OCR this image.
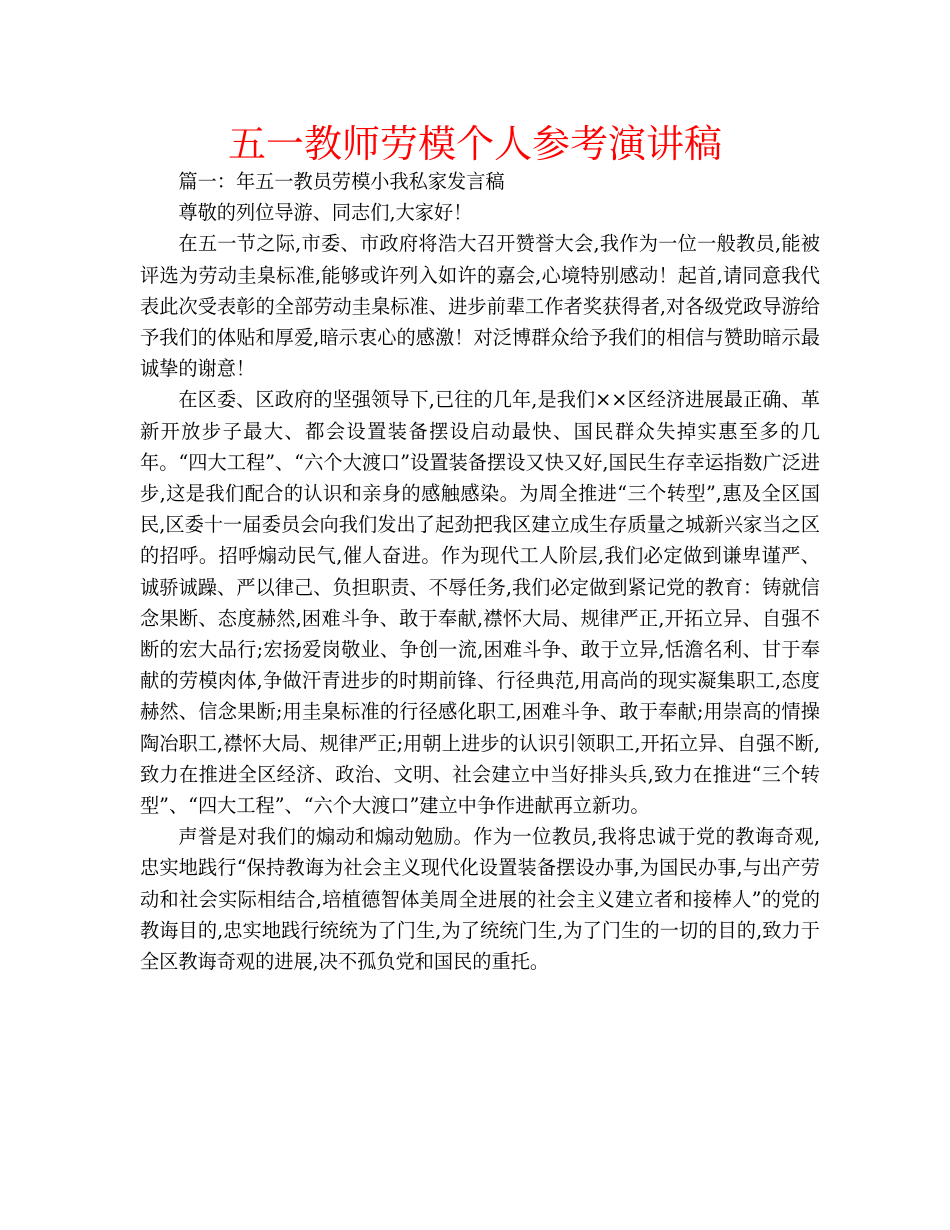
五一教师劳模个人参考演讲稿

篇一：年五一教员劳模小我私家发言稿

尊敬的列位导游、同志们,大家好！

在五一节之际,市委、市政府将浩大召开赞誉大会,我作为一位一般教员,能被评选为劳动圭臬标准,能够或许列入如许的嘉会,心境特别感动！起首,请同意我代表此次受表彰的全部劳动圭臬标准、进步前辈工作者奖获得者,对各级党政导游给予我们的体贴和厚爱,暗示衷心的感激！对泛博群众给予我们的相信与赞助暗示最诚挚的谢意！

在区委、区政府的坚强领导下,已往的几年,是我们××区经济进展最正确、革新开放步子最大、都会设置装备摆设启动最快、国民群众失掉实惠至多的几年。“四大工程”、“六个大渡口”设置装备摆设又快又好,国民生存幸运指数广泛进步,这是我们配合的认识和亲身的感触感染。为周全推进“三个转型”,惠及全区国民,区委十一届委员会向我们发出了起劲把我区建立成生存质量之城新兴家当之区的招呼。招呼煽动民气,催人奋进。作为现代工人阶层,我们必定做到谦卑谨严、诚骄诚躁、严以律己、负担职责、不辱任务,我们必定做到紧记党的教育：铸就信念果断、态度赫然,困难斗争、敢于奉献,襟怀大局、规律严正,开拓立异、自强不断的宏大品行;宏扬爱岗敬业、争创一流,困难斗争、敢于立异,恬澹名利、甘于奉献的劳模肉体,争做汗青进步的时期前锋、行径典范,用高尚的现实凝集职工,态度赫然、信念果断;用圭臬标准的行径感化职工,困难斗争、敢于奉献;用崇高的情操陶冶职工,襟怀大局、规律严正;用朝上进步的认识引领职工,开拓立异、自强不断,致力在推进全区经济、政治、文明、社会建立中当好排头兵,致力在推进“三个转型”、“四大工程”、“六个大渡口”建立中争作进献再立新功。

声誉是对我们的煽动和煽动勉励。作为一位教员,我将忠诚于党的教诲奇观,忠实地践行“保持教诲为社会主义现代化设置装备摆设办事,为国民办事,与出产劳动和社会实际相结合,培植德智体美周全进展的社会主义建立者和接棒人”的党的教诲目的,忠实地践行统统为了门生,为了统统门生,为了门生的一切的目的,致力于全区教诲奇观的进展,决不孤负党和国民的重托。
